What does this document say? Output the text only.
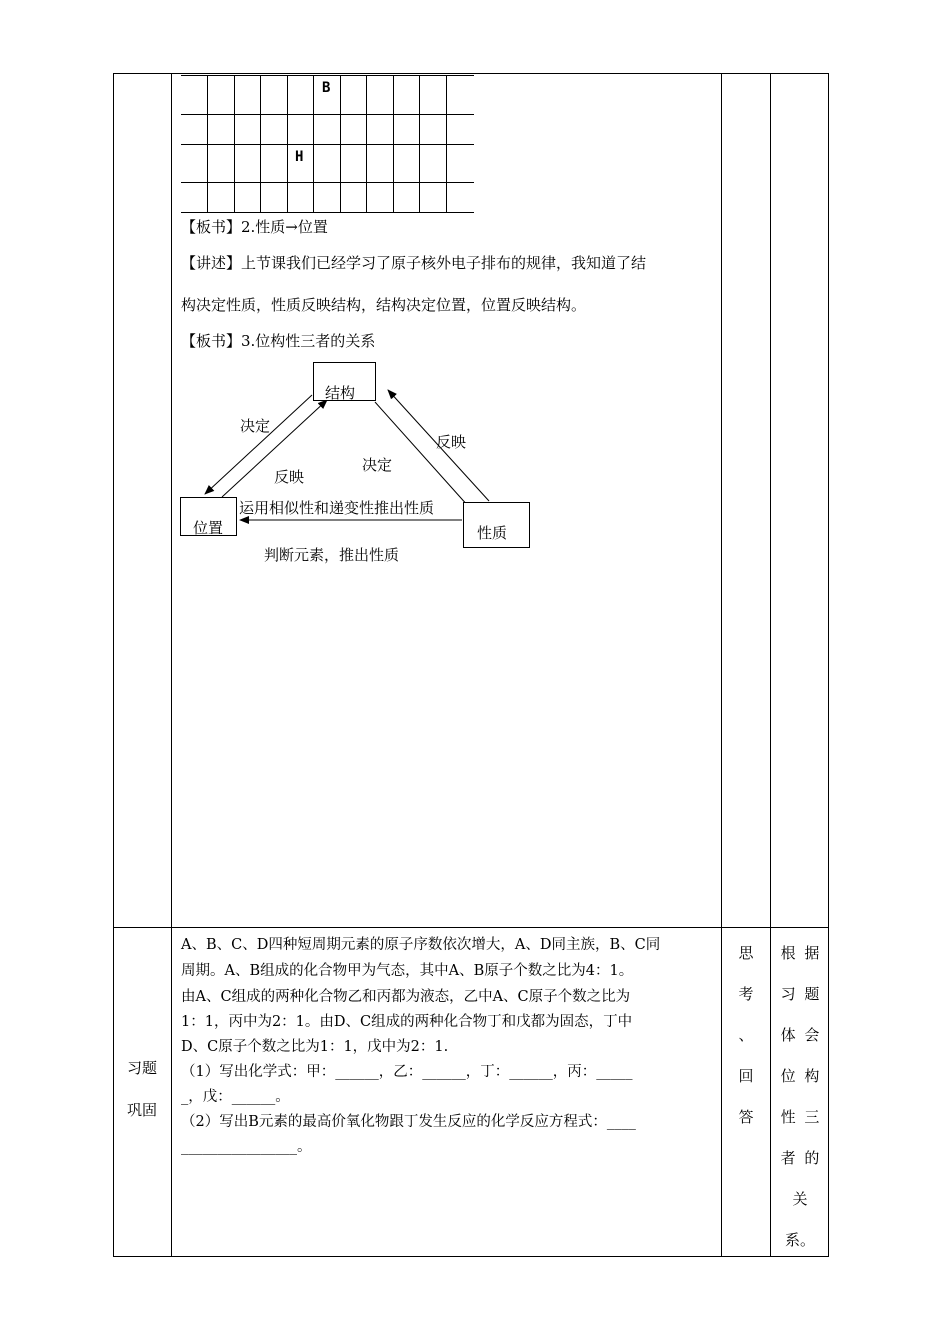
B
H
【板书】2.性质→位置
【讲述】上节课我们已经学习了原子核外电子排布的规律，我知道了结
构决定性质，性质反映结构，结构决定位置，位置反映结构。
【板书】3.位构性三者的关系
结构
位置	性质
决定
反映
决定
反映
运用相似性和递变性推出性质
判断元素，推出性质
习题
巩固
A、B、C、D四种短周期元素的原子序数依次增大，A、D同主族，B、C同
周期。A、B组成的化合物甲为气态，其中A、B原子个数之比为4：1。
由A、C组成的两种化合物乙和丙都为液态，乙中A、C原子个数之比为
1：1，丙中为2：1。由D、C组成的两种化合物丁和戊都为固态，丁中
D、C原子个数之比为1：1，戊中为2：1.
（1）写出化学式：甲：______，乙：______，丁：______，丙：_____
_，戊：______。
（2）写出B元素的最高价氧化物跟丁发生反应的化学反应方程式：____
________________。
思
考
、
回
答
根 据
习 题
体 会
位 构
性 三
者 的
关
系。
